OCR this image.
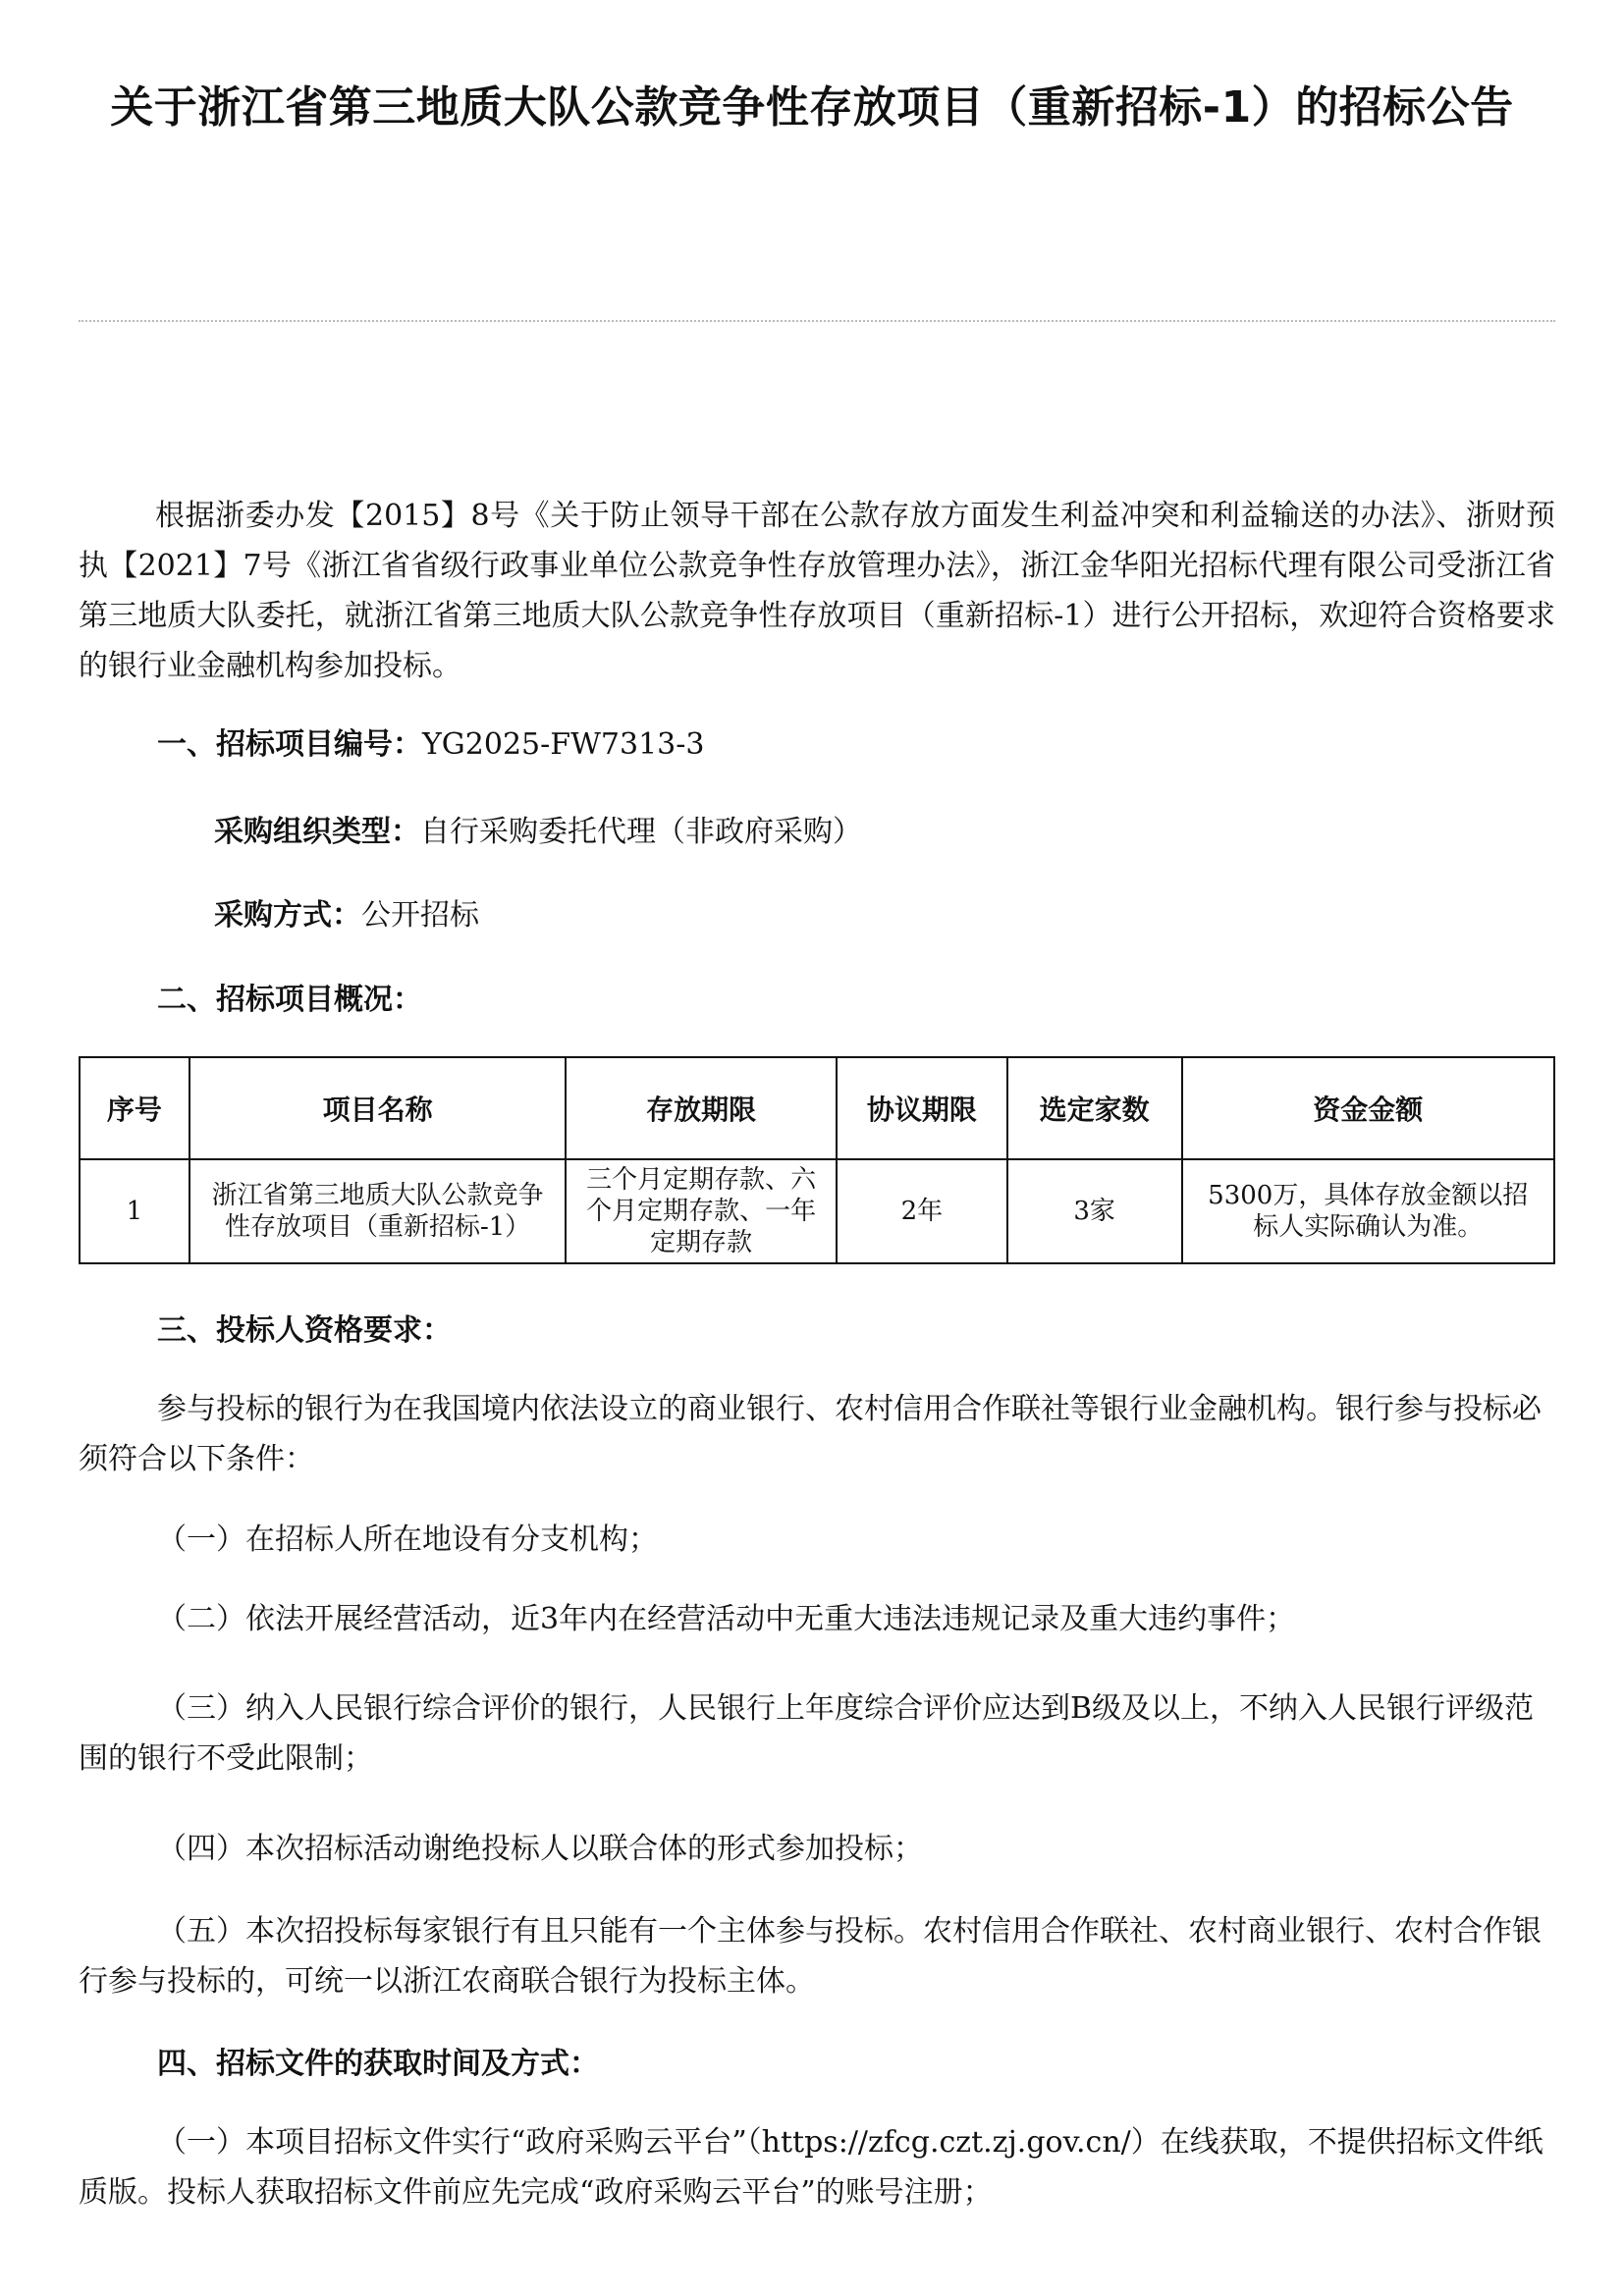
关于浙江省第三地质大队公款竞争性存放项目（重新招标-1）的招标公告
根据浙委办发【2015】8号《关于防止领导干部在公款存放方面发生利益冲突和利益输送的办法》、浙财预执【2021】7号《浙江省省级行政事业单位公款竞争性存放管理办法》，浙江金华阳光招标代理有限公司受浙江省第三地质大队委托，就浙江省第三地质大队公款竞争性存放项目（重新招标-1）进行公开招标，欢迎符合资格要求的银行业金融机构参加投标。
一、招标项目编号：YG2025-FW7313-3
采购组织类型：自行采购委托代理（非政府采购）
采购方式：公开招标
二、招标项目概况：
序号	项目名称	存放期限	协议期限	选定家数	资金金额
1	浙江省第三地质大队公款竞争性存放项目（重新招标-1）	三个月定期存款、六个月定期存款、一年定期存款	2年	3家	5300万，具体存放金额以招标人实际确认为准。
三、投标人资格要求：
参与投标的银行为在我国境内依法设立的商业银行、农村信用合作联社等银行业金融机构。银行参与投标必须符合以下条件：
（一）在招标人所在地设有分支机构；
（二）依法开展经营活动，近3年内在经营活动中无重大违法违规记录及重大违约事件；
（三）纳入人民银行综合评价的银行，人民银行上年度综合评价应达到B级及以上，不纳入人民银行评级范围的银行不受此限制；
（四）本次招标活动谢绝投标人以联合体的形式参加投标；
（五）本次招投标每家银行有且只能有一个主体参与投标。农村信用合作联社、农村商业银行、农村合作银行参与投标的，可统一以浙江农商联合银行为投标主体。
四、招标文件的获取时间及方式：
（一）本项目招标文件实行“政府采购云平台”（https://zfcg.czt.zj.gov.cn/）在线获取，不提供招标文件纸质版。投标人获取招标文件前应先完成“政府采购云平台”的账号注册；
